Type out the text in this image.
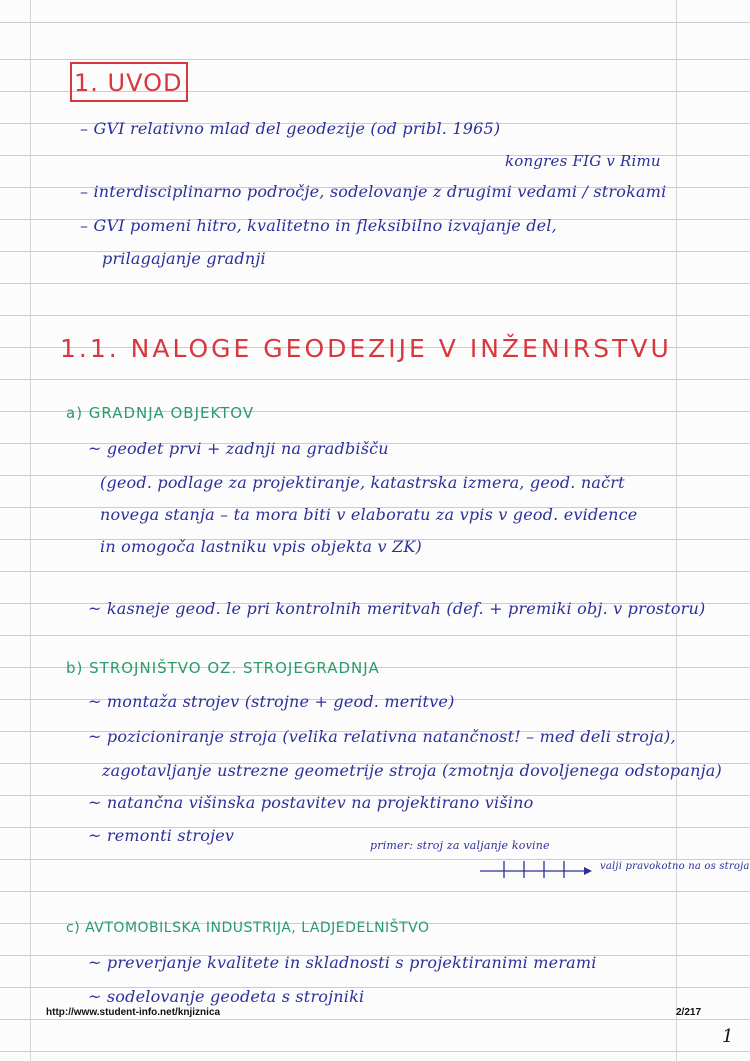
1. UVOD
– GVI relativno mlad del geodezije (od pribl. 1965)
kongres FIG v Rimu
– interdisciplinarno področje, sodelovanje z drugimi vedami / strokami
– GVI pomeni hitro, kvalitetno in fleksibilno izvajanje del,
prilagajanje gradnji
1.1. NALOGE GEODEZIJE V INŽENIRSTVU
a) GRADNJA OBJEKTOV
~ geodet prvi + zadnji na gradbišču
(geod. podlage za projektiranje, katastrska izmera, geod. načrt
novega stanja – ta mora biti v elaboratu za vpis v geod. evidence
in omogoča lastniku vpis objekta v ZK)
~ kasneje geod. le pri kontrolnih meritvah (def. + premiki obj. v prostoru)
b) STROJNIŠTVO OZ. STROJEGRADNJA
~ montaža strojev (strojne + geod. meritve)
~ pozicioniranje stroja (velika relativna natančnost! – med deli stroja),
zagotavljanje ustrezne geometrije stroja (zmotnja dovoljenega odstopanja)
~ natančna višinska postavitev na projektirano višino
~ remonti strojev
primer: stroj za valjanje kovine
valji pravokotno na os stroja
c) AVTOMOBILSKA INDUSTRIJA, LADJEDELNIŠTVO
~ preverjanje kvalitete in skladnosti s projektiranimi merami
~ sodelovanje geodeta s strojniki
http://www.student-info.net/knjiznica	2/217
1
